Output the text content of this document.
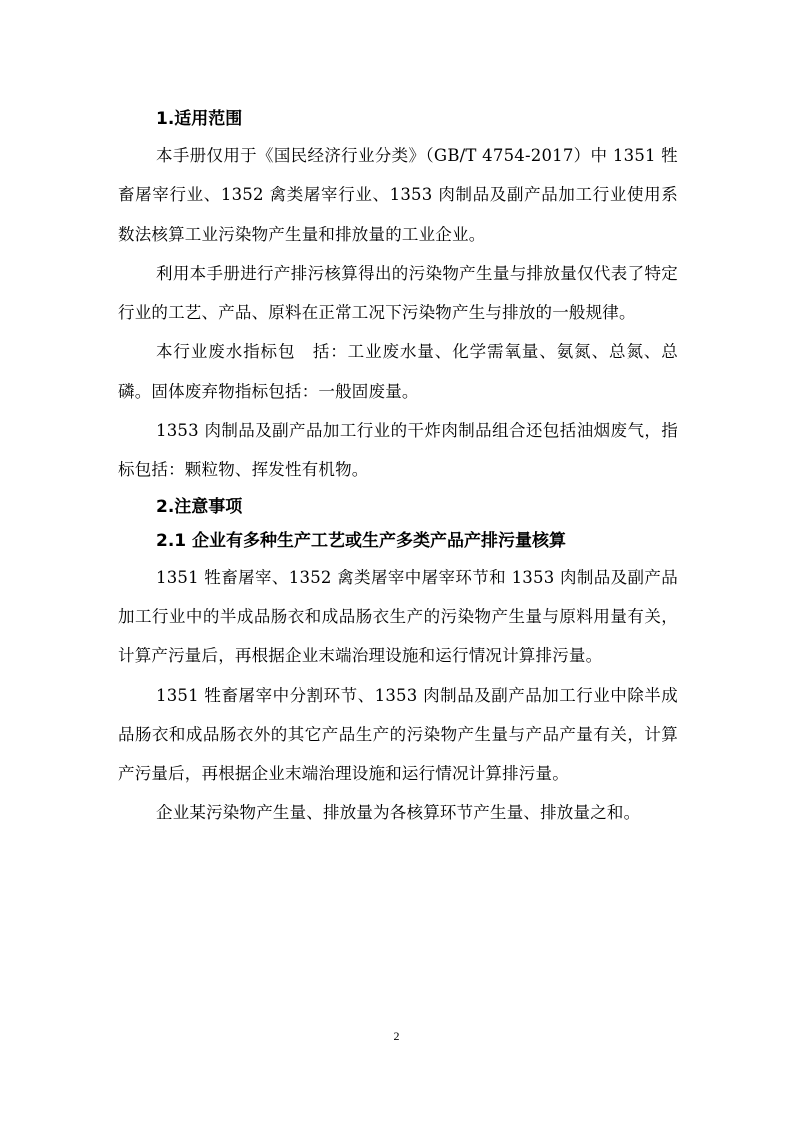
1.适用范围

本手册仅用于《国民经济行业分类》（GB/T 4754-2017）中 1351 牲畜屠宰行业、1352 禽类屠宰行业、1353 肉制品及副产品加工行业使用系数法核算工业污染物产生量和排放量的工业企业。

利用本手册进行产排污核算得出的污染物产生量与排放量仅代表了特定行业的工艺、产品、原料在正常工况下污染物产生与排放的一般规律。

本行业废水指标包　括：工业废水量、化学需氧量、氨氮、总氮、总磷。固体废弃物指标包括：一般固废量。

1353 肉制品及副产品加工行业的干炸肉制品组合还包括油烟废气，指标包括：颗粒物、挥发性有机物。

2.注意事项

2.1 企业有多种生产工艺或生产多类产品产排污量核算

1351 牲畜屠宰、1352 禽类屠宰中屠宰环节和 1353 肉制品及副产品加工行业中的半成品肠衣和成品肠衣生产的污染物产生量与原料用量有关，计算产污量后，再根据企业末端治理设施和运行情况计算排污量。

1351 牲畜屠宰中分割环节、1353 肉制品及副产品加工行业中除半成品肠衣和成品肠衣外的其它产品生产的污染物产生量与产品产量有关，计算产污量后，再根据企业末端治理设施和运行情况计算排污量。

企业某污染物产生量、排放量为各核算环节产生量、排放量之和。

2
